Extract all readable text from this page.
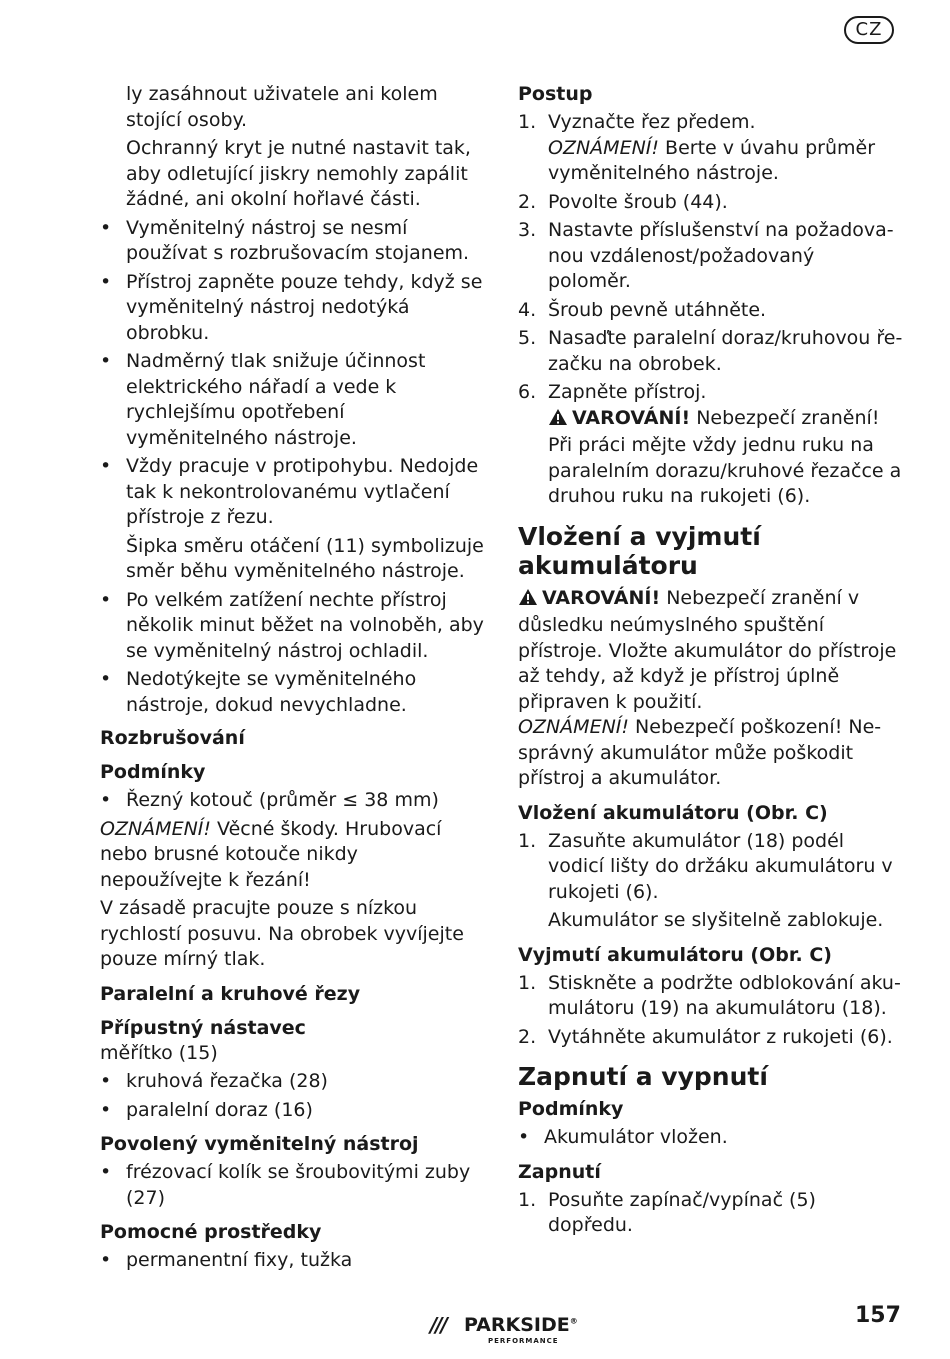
CZ

ly zasáhnout uživatele ani kolem stojící osoby.

Ochranný kryt je nutné nastavit tak, aby odletující jiskry nemohly zapálit žádné, ani okolní hořlavé části.

• Vyměnitelný nástroj se nesmí používat s rozbrušovacím stojanem.
• Přístroj zapněte pouze tehdy, když se vyměnitelný nástroj nedotýká obrobku.
• Nadměrný tlak snižuje účinnost elektrického nářadí a vede k rychlejšímu opotřebení vyměnitelného nástroje.
• Vždy pracuje v protipohybu. Nedojde tak k nekontrolovanému vytlačení přístroje z řezu.

Šipka směru otáčení (11) symbolizuje směr běhu vyměnitelného nástroje.

• Po velkém zatížení nechte přístroj několik minut běžet na volnoběh, aby se vyměnitelný nástroj ochladil.
• Nedotýkejte se vyměnitelného nástroje, dokud nevychladne.
Rozbrušování
Podmínky
• Řezný kotouč (průměr ≤ 38 mm)

OZNÁMENÍ! Věcné škody. Hrubovací nebo brusné kotouče nikdy nepoužívejte k řezání!

V zásadě pracujte pouze s nízkou rychlostí posuvu. Na obrobek vyvíjejte pouze mírný tlak.

Paralelní a kruhové řezy
Přípustný nástavec

měřítko (15)

• kruhová řezačka (28)
• paralelní doraz (16)
Povolený vyměnitelný nástroj
• frézovací kolík se šroubovitými zuby (27)
Pomocné prostředky
• permanentní fixy, tužka
Postup
1. Vyznačte řez předem.
OZNÁMENÍ! Berte v úvahu průměr vyměnitelného nástroje.
2. Povolte šroub (44).
3. Nastavte příslušenství na požadovanou vzdálenost/požadovaný poloměr.
4. Šroub pevně utáhněte.
5. Nasaďte paralelní doraz/kruhovou řezačku na obrobek.
6. Zapněte přístroj.
VAROVÁNÍ! Nebezpečí zranění! Při práci mějte vždy jednu ruku na paralelním dorazu/kruhové řezačce a druhou ruku na rukojeti (6).
Vložení a vyjmutí akumulátoru

VAROVÁNÍ! Nebezpečí zranění v důsledku neúmyslného spuštění přístroje. Vložte akumulátor do přístroje až tehdy, až když je přístroj úplně připraven k použití.

OZNÁMENÍ! Nebezpečí poškození! Nesprávný akumulátor může poškodit přístroj a akumulátor.

Vložení akumulátoru (Obr. C)
1. Zasuňte akumulátor (18) podél vodicí lišty do držáku akumulátoru v rukojeti (6).

Akumulátor se slyšitelně zablokuje.

Vyjmutí akumulátoru (Obr. C)
1. Stiskněte a podržte odblokování akumulátoru (19) na akumulátoru (18).
2. Vytáhněte akumulátor z rukojeti (6).
Zapnutí a vypnutí
Podmínky
• Akumulátor vložen.
Zapnutí
1. Posuňte zapínač/vypínač (5) dopředu.
/// PARKSIDE®
PERFORMANCE
157
